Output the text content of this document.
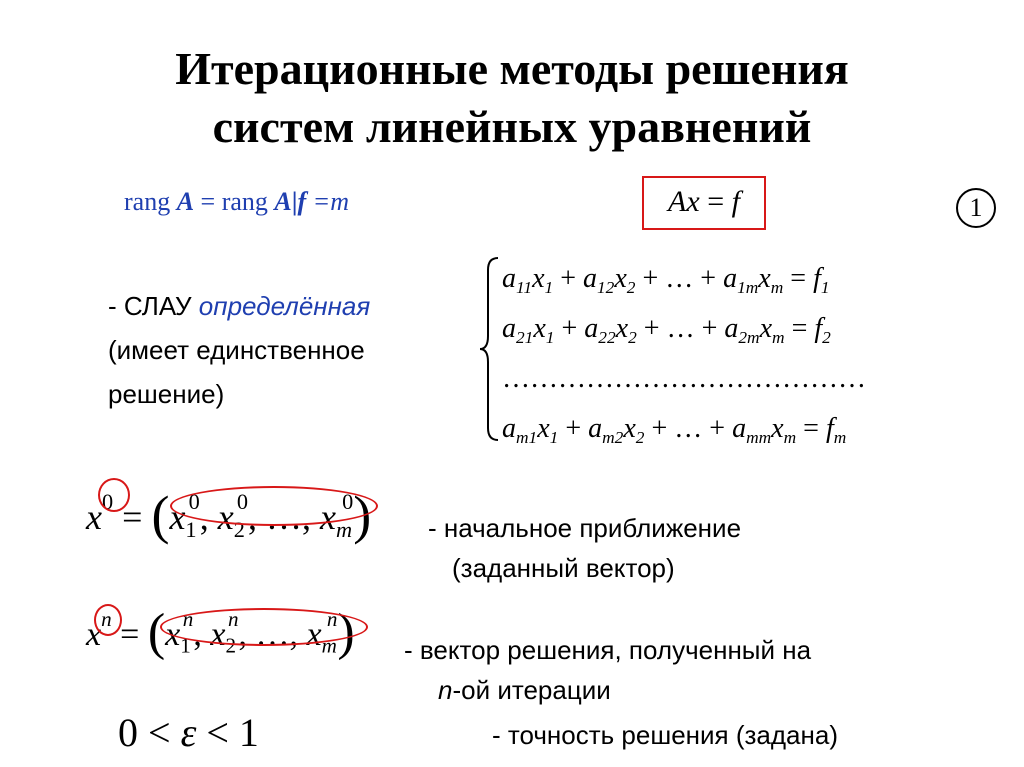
Итерационные методы решения
систем линейных уравнений
rang A = rang A|f =m	Ax = f	1
- СЛАУ определённая
(имеет единственное
решение)
$a_{11}x_1 + a_{12}x_2$ + … + $a_{1m}x_m = f_1$
$a_{21}x_1 + a_{22}x_2$ + … + $a_{2m}x_m = f_2$
…………………………………
$a_{m1}x_1 + a_{m2}x_2$ + … + $a_{mm}x_m = f_m$
$x^0 = (x_1^0$, $x_2^0$, …, $x_m^0$) - начальное приближение
(заданный вектор)
$x^n = (x_1^n$, $x_2^n$, …, $x_m^n$) - вектор решения, полученный на
n-ой итерации
0 < ε < 1	- точность решения (задана)
